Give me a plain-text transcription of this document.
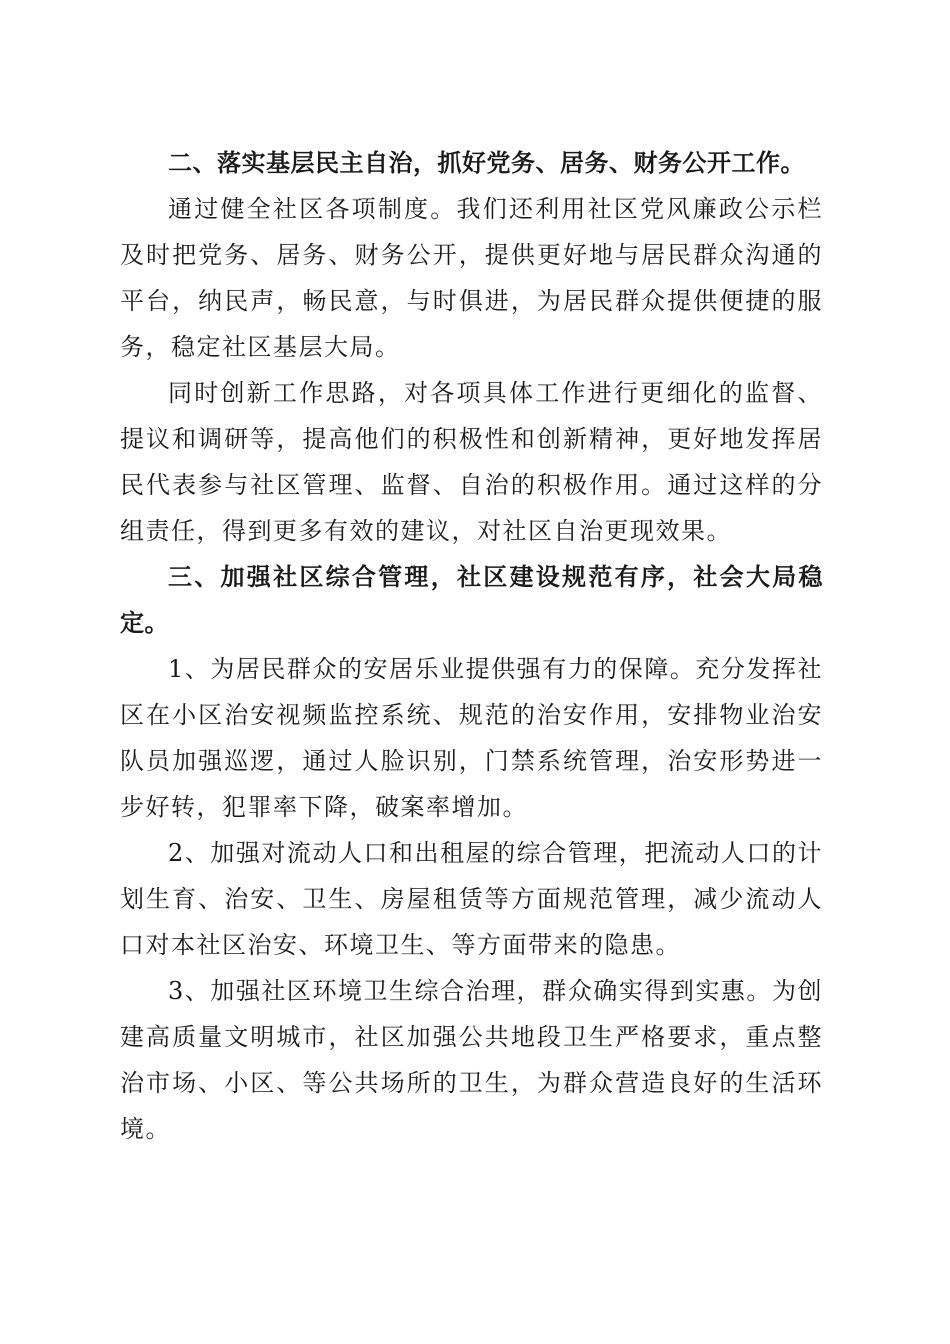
二、落实基层民主自治，抓好党务、居务、财务公开工作。

通过健全社区各项制度。我们还利用社区党风廉政公示栏及时把党务、居务、财务公开，提供更好地与居民群众沟通的平台，纳民声，畅民意，与时俱进，为居民群众提供便捷的服务，稳定社区基层大局。

同时创新工作思路，对各项具体工作进行更细化的监督、提议和调研等，提高他们的积极性和创新精神，更好地发挥居民代表参与社区管理、监督、自治的积极作用。通过这样的分组责任，得到更多有效的建议，对社区自治更现效果。

三、加强社区综合管理，社区建设规范有序，社会大局稳定。

1、为居民群众的安居乐业提供强有力的保障。充分发挥社区在小区治安视频监控系统、规范的治安作用，安排物业治安队员加强巡逻，通过人脸识别，门禁系统管理，治安形势进一步好转，犯罪率下降，破案率增加。

2、加强对流动人口和出租屋的综合管理，把流动人口的计划生育、治安、卫生、房屋租赁等方面规范管理，减少流动人口对本社区治安、环境卫生、等方面带来的隐患。

3、加强社区环境卫生综合治理，群众确实得到实惠。为创建高质量文明城市，社区加强公共地段卫生严格要求，重点整治市场、小区、等公共场所的卫生，为群众营造良好的生活环境。
